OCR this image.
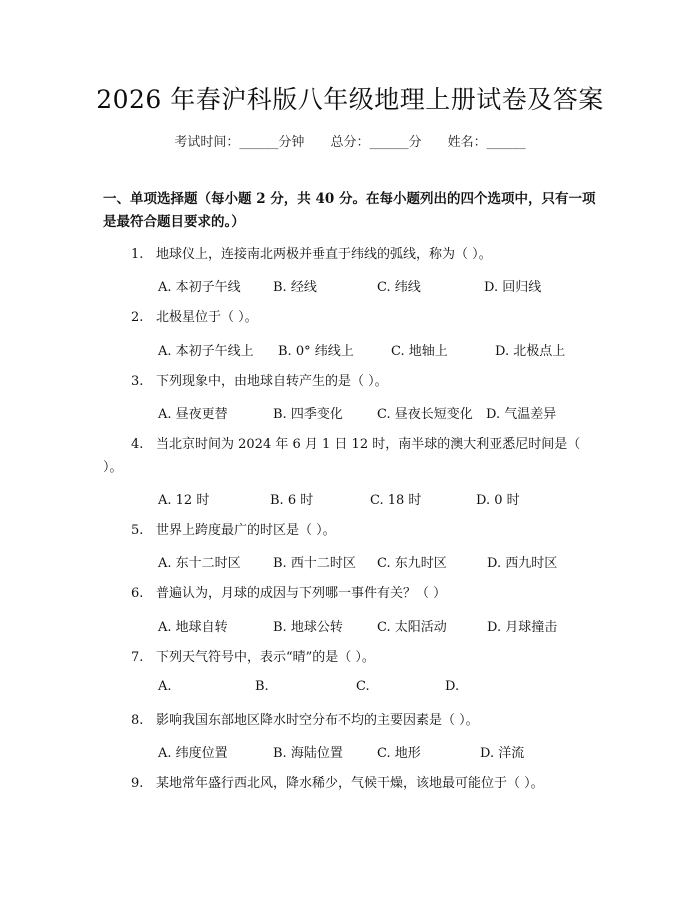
2026 年春沪科版八年级地理上册试卷及答案
考试时间：______分钟 总分：______分 姓名：______
一、单项选择题（每小题 2 分，共 40 分。在每小题列出的四个选项中，只有一项是最符合题目要求的。）
1. 地球仪上，连接南北两极并垂直于纬线的弧线，称为（ ）。
A. 本初子午线 B. 经线	C. 纬线	D. 回归线
2. 北极星位于（ ）。
A. 本初子午线上 B. 0° 纬线上	C. 地轴上	D. 北极点上
3. 下列现象中，由地球自转产生的是（ ）。
A. 昼夜更替	B. 四季变化	C. 昼夜长短变化 D. 气温差异
4. 当北京时间为 2024 年 6 月 1 日 12 时，南半球的澳大利亚悉尼时间是（ ）。
A. 12 时	B. 6 时	C. 18 时	D. 0 时
5. 世界上跨度最广的时区是（ ）。
A. 东十二时区 B. 西十二时区 C. 东九时区	D. 西九时区
6. 普遍认为，月球的成因与下列哪一事件有关？（ ）
A. 地球自转	B. 地球公转	C. 太阳活动	D. 月球撞击
7. 下列天气符号中，表示“晴”的是（ ）。
A.	B.	C.	D.
8. 影响我国东部地区降水时空分布不均的主要因素是（ ）。
A. 纬度位置	B. 海陆位置	C. 地形	D. 洋流
9. 某地常年盛行西北风，降水稀少，气候干燥，该地最可能位于（ ）。
